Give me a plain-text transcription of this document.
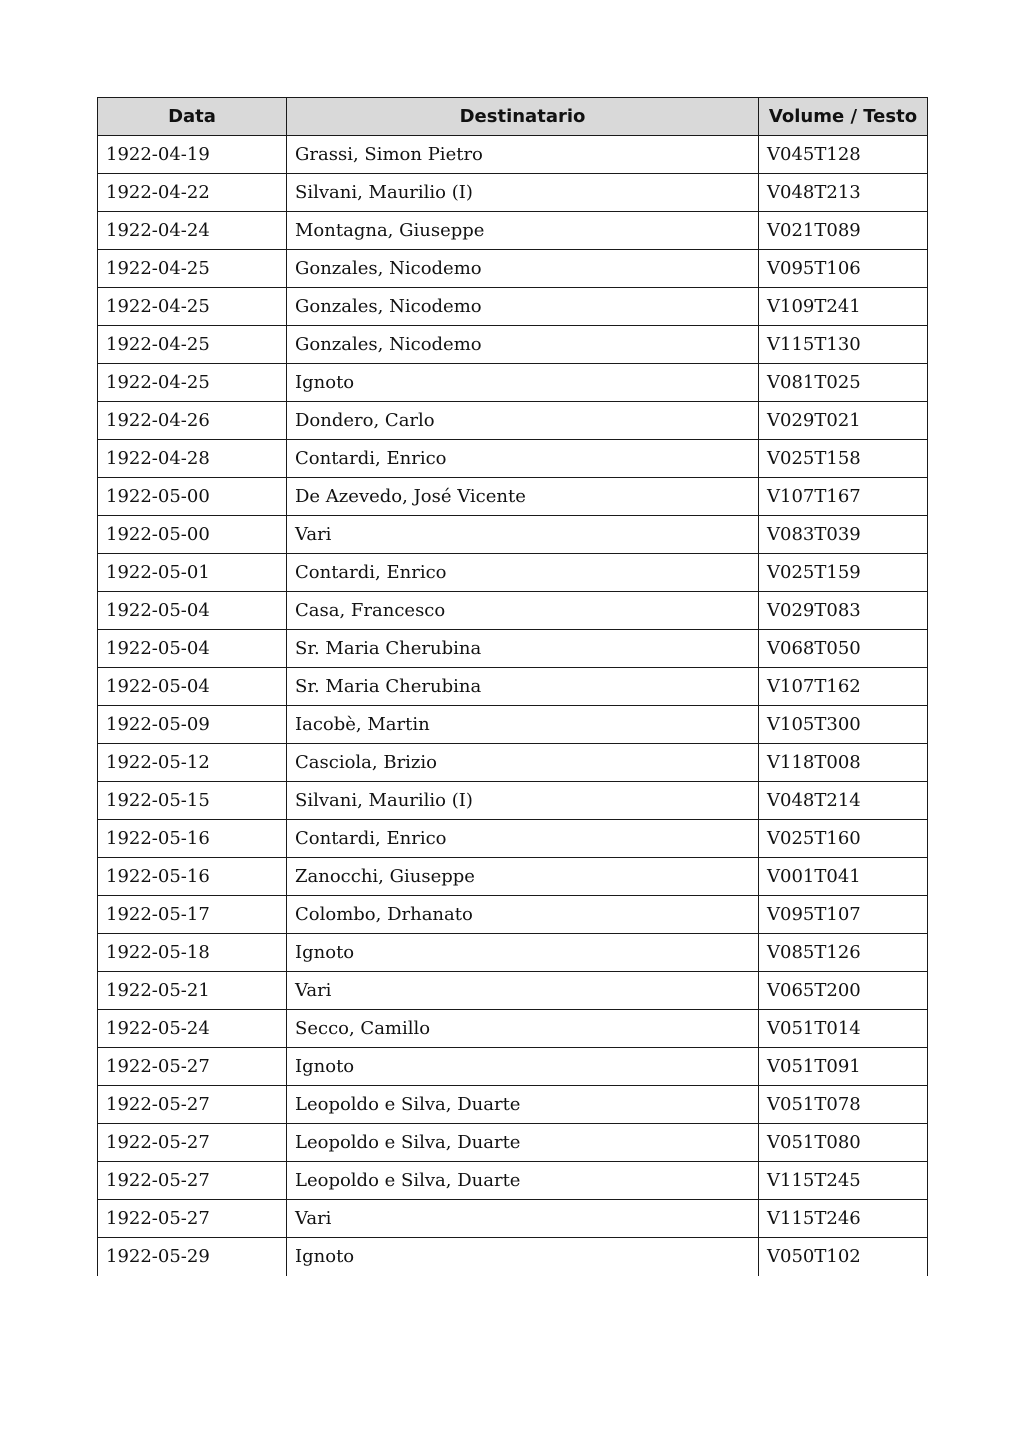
Data	Destinatario	Volume / Testo
1922-04-19	Grassi, Simon Pietro	V045T128
1922-04-22	Silvani, Maurilio (I)	V048T213
1922-04-24	Montagna, Giuseppe	V021T089
1922-04-25	Gonzales, Nicodemo	V095T106
1922-04-25	Gonzales, Nicodemo	V109T241
1922-04-25	Gonzales, Nicodemo	V115T130
1922-04-25	Ignoto	V081T025
1922-04-26	Dondero, Carlo	V029T021
1922-04-28	Contardi, Enrico	V025T158
1922-05-00	De Azevedo, José Vicente	V107T167
1922-05-00	Vari	V083T039
1922-05-01	Contardi, Enrico	V025T159
1922-05-04	Casa, Francesco	V029T083
1922-05-04	Sr. Maria Cherubina	V068T050
1922-05-04	Sr. Maria Cherubina	V107T162
1922-05-09	Iacobè, Martin	V105T300
1922-05-12	Casciola, Brizio	V118T008
1922-05-15	Silvani, Maurilio (I)	V048T214
1922-05-16	Contardi, Enrico	V025T160
1922-05-16	Zanocchi, Giuseppe	V001T041
1922-05-17	Colombo, Drhanato	V095T107
1922-05-18	Ignoto	V085T126
1922-05-21	Vari	V065T200
1922-05-24	Secco, Camillo	V051T014
1922-05-27	Ignoto	V051T091
1922-05-27	Leopoldo e Silva, Duarte	V051T078
1922-05-27	Leopoldo e Silva, Duarte	V051T080
1922-05-27	Leopoldo e Silva, Duarte	V115T245
1922-05-27	Vari	V115T246
1922-05-29	Ignoto	V050T102
